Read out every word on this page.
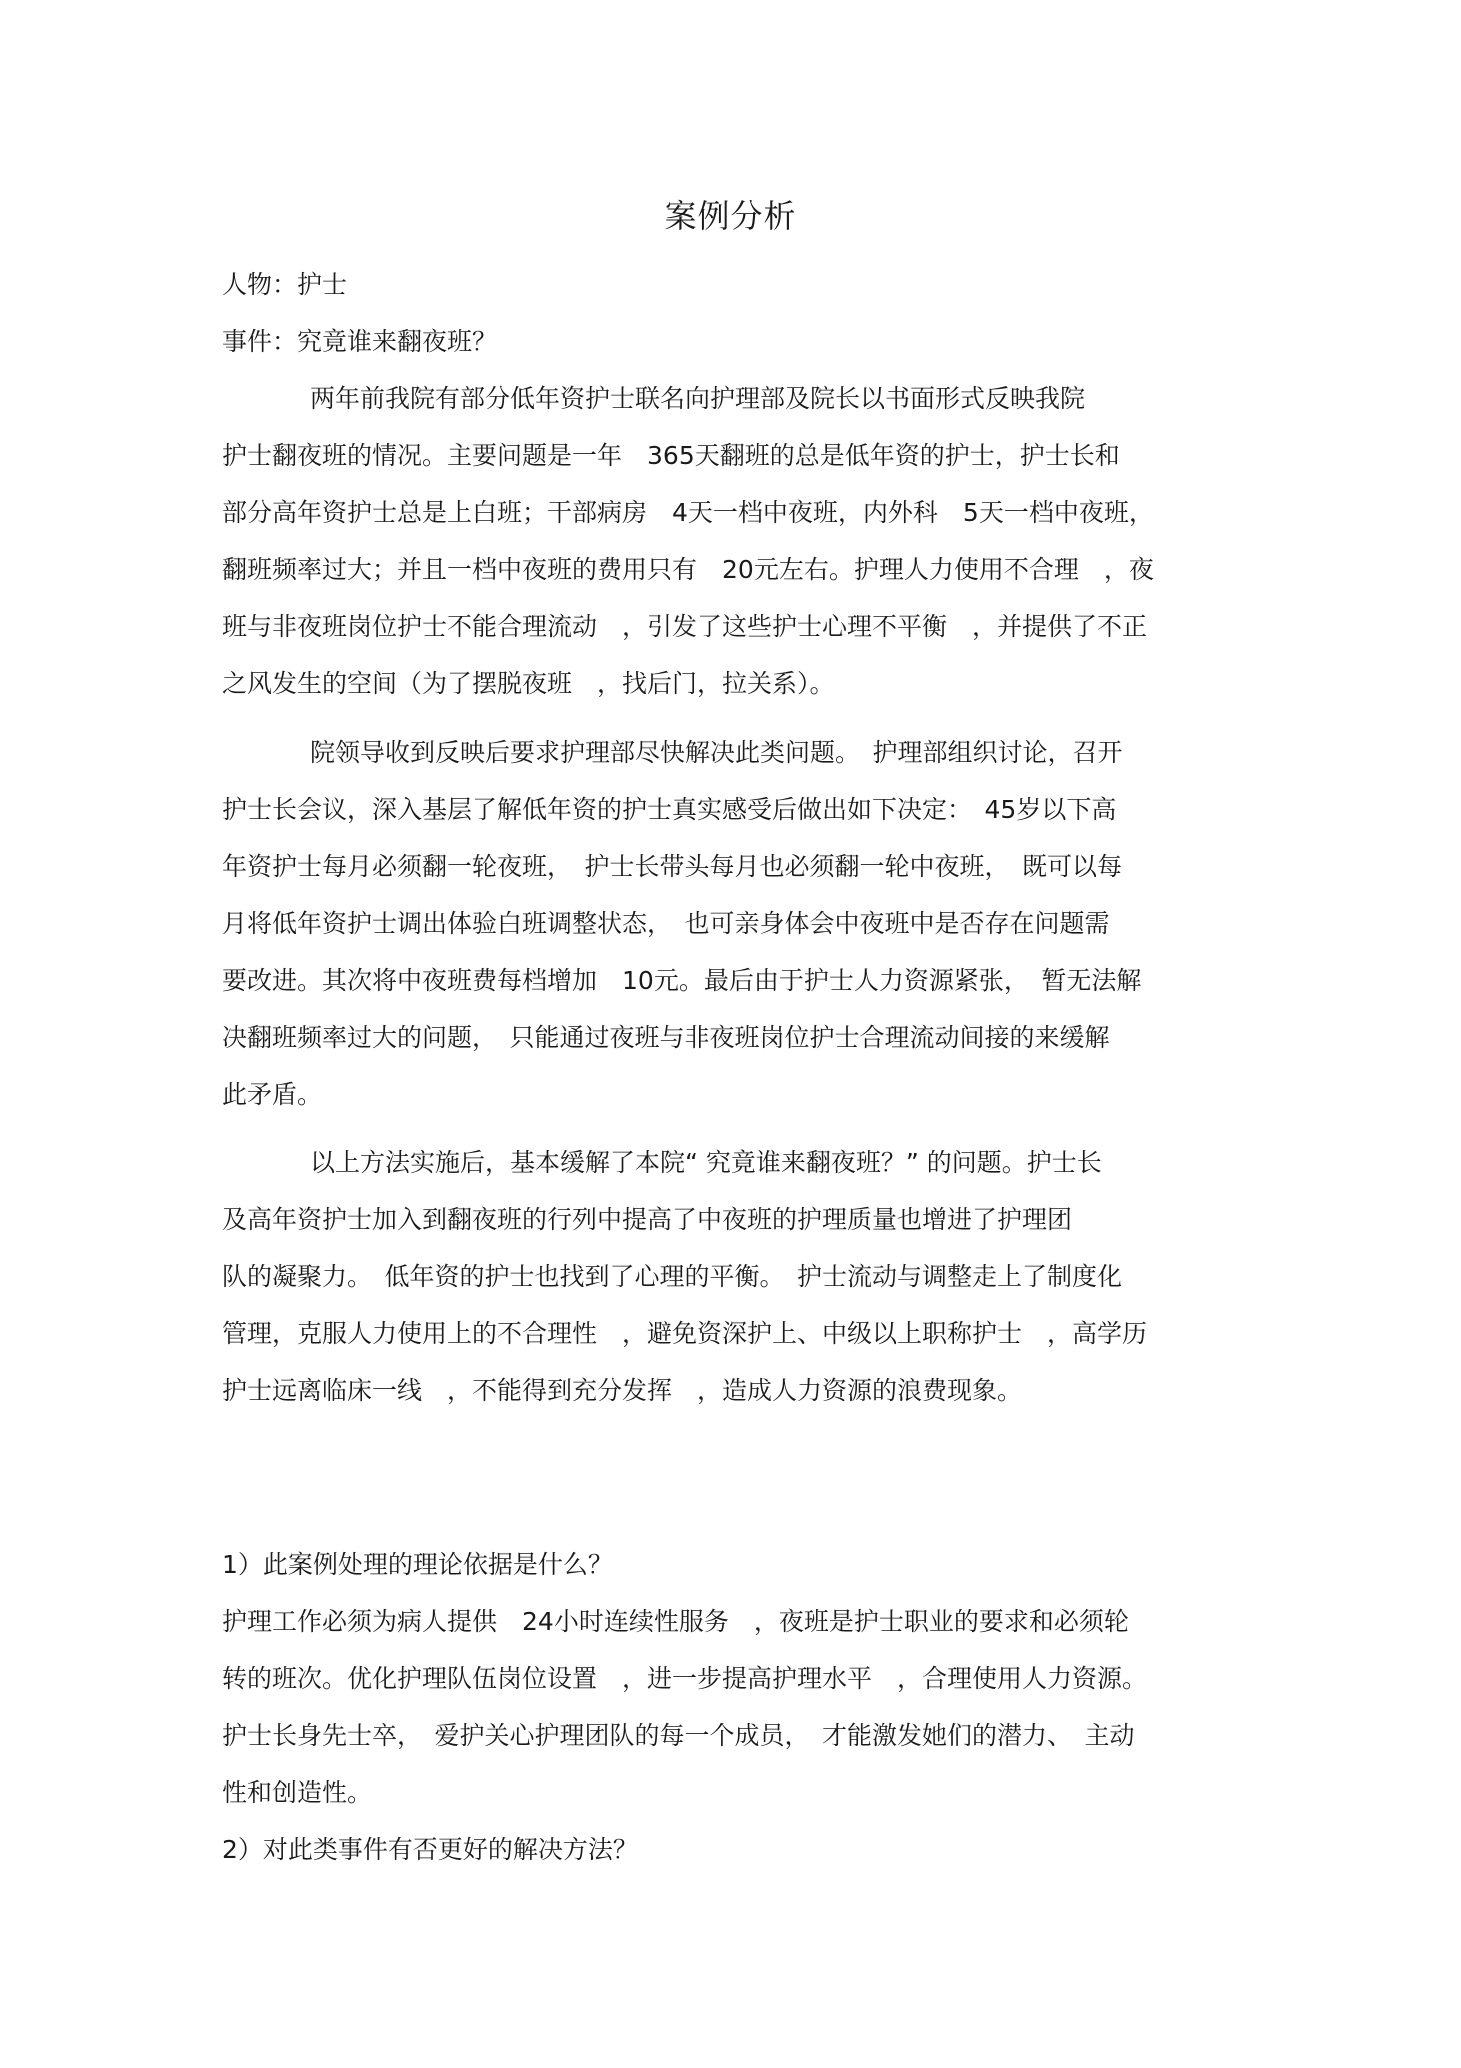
案例分析
人物：护士
事件：究竟谁来翻夜班？
两年前我院有部分低年资护士联名向护理部及院长以书面形式反映我院
护士翻夜班的情况。主要问题是一年　365天翻班的总是低年资的护士，护士长和
部分高年资护士总是上白班；干部病房　4天一档中夜班，内外科　5天一档中夜班，
翻班频率过大；并且一档中夜班的费用只有　20元左右。护理人力使用不合理　，夜
班与非夜班岗位护士不能合理流动　，引发了这些护士心理不平衡　，并提供了不正
之风发生的空间（为了摆脱夜班　，找后门，拉关系）。
院领导收到反映后要求护理部尽快解决此类问题。　护理部组织讨论，召开
护士长会议，深入基层了解低年资的护士真实感受后做出如下决定：　45岁以下高
年资护士每月必须翻一轮夜班，　护士长带头每月也必须翻一轮中夜班，　既可以每
月将低年资护士调出体验白班调整状态，　也可亲身体会中夜班中是否存在问题需
要改进。其次将中夜班费每档增加　10元。最后由于护士人力资源紧张，　暂无法解
决翻班频率过大的问题，　只能通过夜班与非夜班岗位护士合理流动间接的来缓解
此矛盾。
以上方法实施后，基本缓解了本院“ 究竟谁来翻夜班？” 的问题。护士长
及高年资护士加入到翻夜班的行列中提高了中夜班的护理质量也增进了护理团
队的凝聚力。　低年资的护士也找到了心理的平衡。　护士流动与调整走上了制度化
管理，克服人力使用上的不合理性　，避免资深护上、中级以上职称护士　，高学历
护士远离临床一线　，不能得到充分发挥　，造成人力资源的浪费现象。
1）此案例处理的理论依据是什么？
护理工作必须为病人提供　24小时连续性服务　，夜班是护士职业的要求和必须轮
转的班次。优化护理队伍岗位设置　，进一步提高护理水平　，合理使用人力资源。
护士长身先士卒，　爱护关心护理团队的每一个成员，　才能激发她们的潜力、　主动
性和创造性。
2）对此类事件有否更好的解决方法？
